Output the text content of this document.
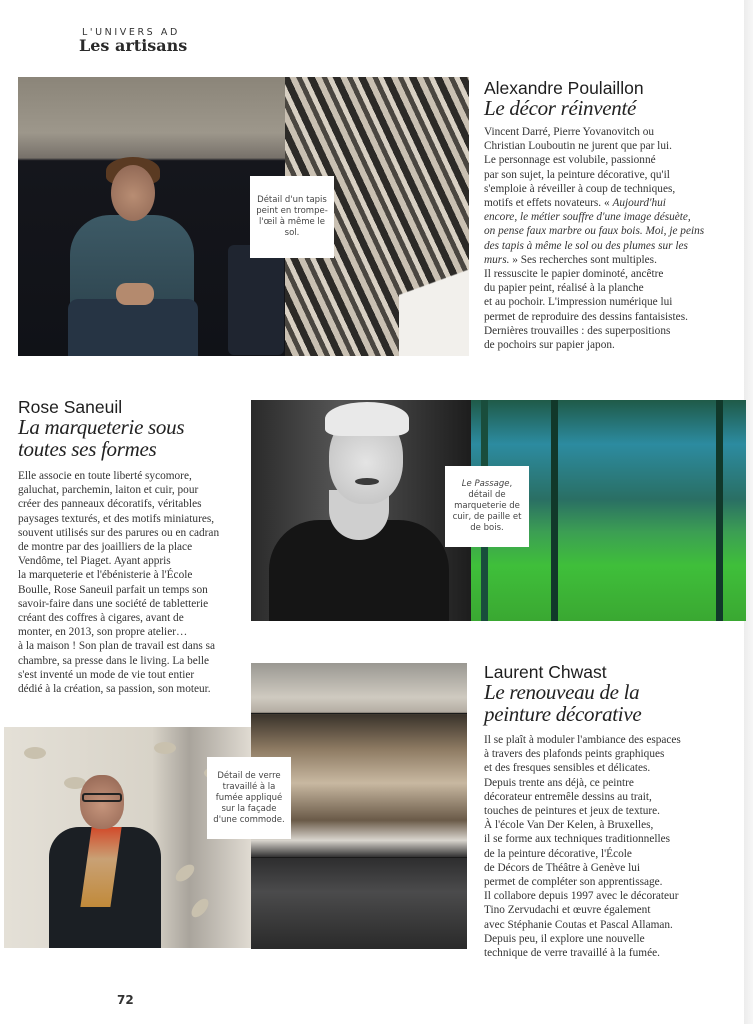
L'UNIVERS AD
Les artisans
Détail d'un tapis peint en trompe-l'œil à même le sol.
Alexandre Poulaillon
Le décor réinventé
Vincent Darré, Pierre Yovanovitch ou
Christian Louboutin ne jurent que par lui.
Le personnage est volubile, passionné
par son sujet, la peinture décorative, qu'il
s'emploie à réveiller à coup de techniques,
motifs et effets novateurs. « Aujourd'hui
encore, le métier souffre d'une image désuète,
on pense faux marbre ou faux bois. Moi, je peins
des tapis à même le sol ou des plumes sur les
murs. » Ses recherches sont multiples.
Il ressuscite le papier dominoté, ancêtre
du papier peint, réalisé à la planche
et au pochoir. L'impression numérique lui
permet de reproduire des dessins fantaisistes.
Dernières trouvailles : des superpositions
de pochoirs sur papier japon.
Rose Saneuil
La marqueterie sous
toutes ses formes
Elle associe en toute liberté sycomore,
galuchat, parchemin, laiton et cuir, pour
créer des panneaux décoratifs, véritables
paysages texturés, et des motifs miniatures,
souvent utilisés sur des parures ou en cadran
de montre par des joailliers de la place
Vendôme, tel Piaget. Ayant appris
la marqueterie et l'ébénisterie à l'École
Boulle, Rose Saneuil parfait un temps son
savoir-faire dans une société de tabletterie
créant des coffres à cigares, avant de
monter, en 2013, son propre atelier…
à la maison ! Son plan de travail est dans sa
chambre, sa presse dans le living. La belle
s'est inventé un mode de vie tout entier
dédié à la création, sa passion, son moteur.
Le Passage, détail de marqueterie de cuir, de paille et de bois.
Détail de verre travaillé à la fumée appliqué sur la façade d'une commode.
Laurent Chwast
Le renouveau de la
peinture décorative
Il se plaît à moduler l'ambiance des espaces
à travers des plafonds peints graphiques
et des fresques sensibles et délicates.
Depuis trente ans déjà, ce peintre
décorateur entremêle dessins au trait,
touches de peintures et jeux de texture.
À l'école Van Der Kelen, à Bruxelles,
il se forme aux techniques traditionnelles
de la peinture décorative, l'École
de Décors de Théâtre à Genève lui
permet de compléter son apprentissage.
Il collabore depuis 1997 avec le décorateur
Tino Zervudachi et œuvre également
avec Stéphanie Coutas et Pascal Allaman.
Depuis peu, il explore une nouvelle
technique de verre travaillé à la fumée.
72
